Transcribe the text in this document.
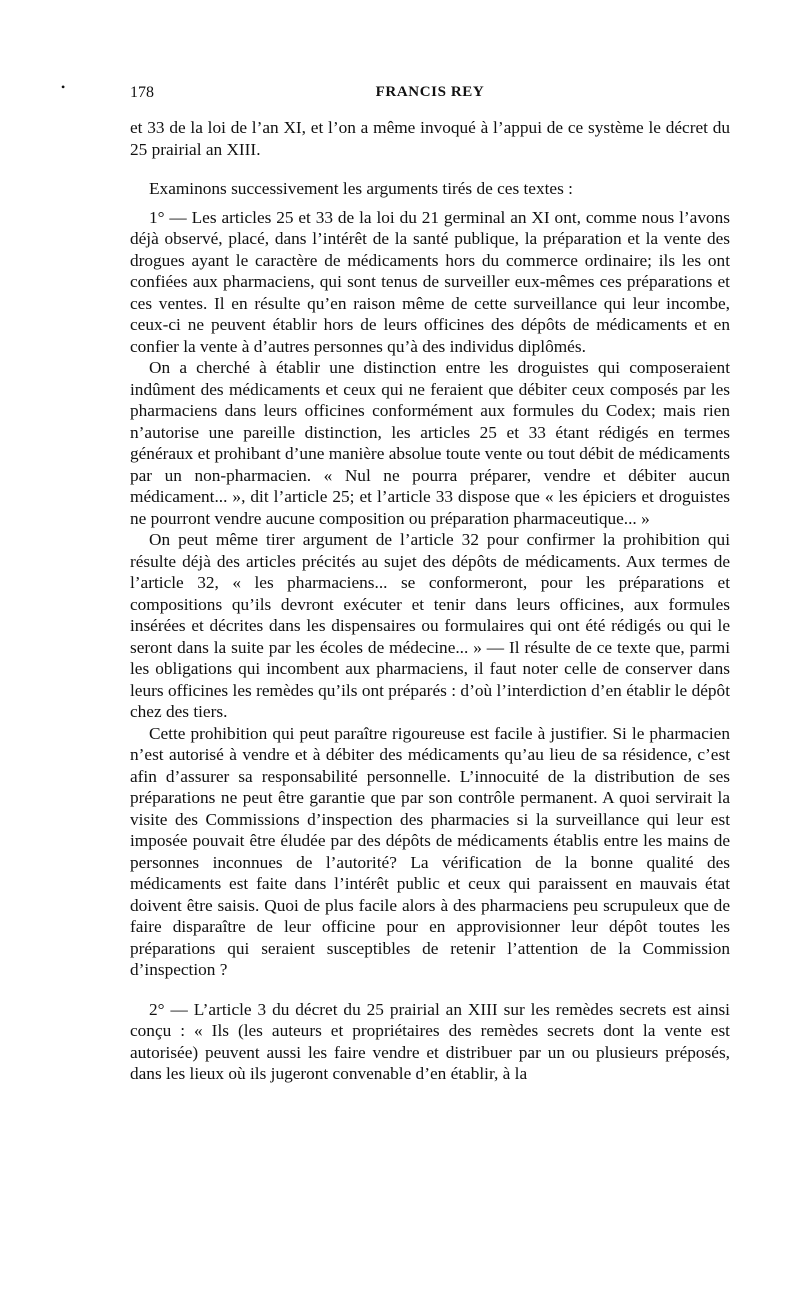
•	178	FRANCIS REY

et 33 de la loi de l’an XI, et l’on a même invoqué à l’appui de ce système le décret du 25 prairial an XIII.

Examinons successivement les arguments tirés de ces textes :

1° — Les articles 25 et 33 de la loi du 21 germinal an XI ont, comme nous l’avons déjà observé, placé, dans l’intérêt de la santé publique, la préparation et la vente des drogues ayant le caractère de médicaments hors du commerce ordinaire; ils les ont confiées aux pharmaciens, qui sont tenus de surveiller eux-mêmes ces préparations et ces ventes. Il en résulte qu’en raison même de cette surveillance qui leur incombe, ceux-ci ne peuvent établir hors de leurs officines des dépôts de médicaments et en confier la vente à d’autres personnes qu’à des individus diplômés.

On a cherché à établir une distinction entre les droguistes qui composeraient indûment des médicaments et ceux qui ne feraient que débiter ceux composés par les pharmaciens dans leurs officines conformément aux formules du Codex; mais rien n’autorise une pareille distinction, les articles 25 et 33 étant rédigés en termes généraux et prohibant d’une manière absolue toute vente ou tout débit de médicaments par un non-pharmacien. « Nul ne pourra préparer, vendre et débiter aucun médicament... », dit l’article 25; et l’article 33 dispose que « les épiciers et droguistes ne pourront vendre aucune composition ou préparation pharmaceutique... »

On peut même tirer argument de l’article 32 pour confirmer la prohibition qui résulte déjà des articles précités au sujet des dépôts de médicaments. Aux termes de l’article 32, « les pharmaciens... se conformeront, pour les préparations et compositions qu’ils devront exécuter et tenir dans leurs officines, aux formules insérées et décrites dans les dispensaires ou formulaires qui ont été rédigés ou qui le seront dans la suite par les écoles de médecine... » — Il résulte de ce texte que, parmi les obligations qui incombent aux pharmaciens, il faut noter celle de conserver dans leurs officines les remèdes qu’ils ont préparés : d’où l’interdiction d’en établir le dépôt chez des tiers.

Cette prohibition qui peut paraître rigoureuse est facile à justifier. Si le pharmacien n’est autorisé à vendre et à débiter des médicaments qu’au lieu de sa résidence, c’est afin d’assurer sa responsabilité personnelle. L’innocuité de la distribution de ses préparations ne peut être garantie que par son contrôle permanent. A quoi servirait la visite des Commissions d’inspection des pharmacies si la surveillance qui leur est imposée pouvait être éludée par des dépôts de médicaments établis entre les mains de personnes inconnues de l’autorité? La vérification de la bonne qualité des médicaments est faite dans l’intérêt public et ceux qui paraissent en mauvais état doivent être saisis. Quoi de plus facile alors à des pharmaciens peu scrupuleux que de faire disparaître de leur officine pour en approvisionner leur dépôt toutes les préparations qui seraient susceptibles de retenir l’attention de la Commission d’inspection ?

2° — L’article 3 du décret du 25 prairial an XIII sur les remèdes secrets est ainsi conçu : « Ils (les auteurs et propriétaires des remèdes secrets dont la vente est autorisée) peuvent aussi les faire vendre et distribuer par un ou plusieurs préposés, dans les lieux où ils jugeront convenable d’en établir, à la
